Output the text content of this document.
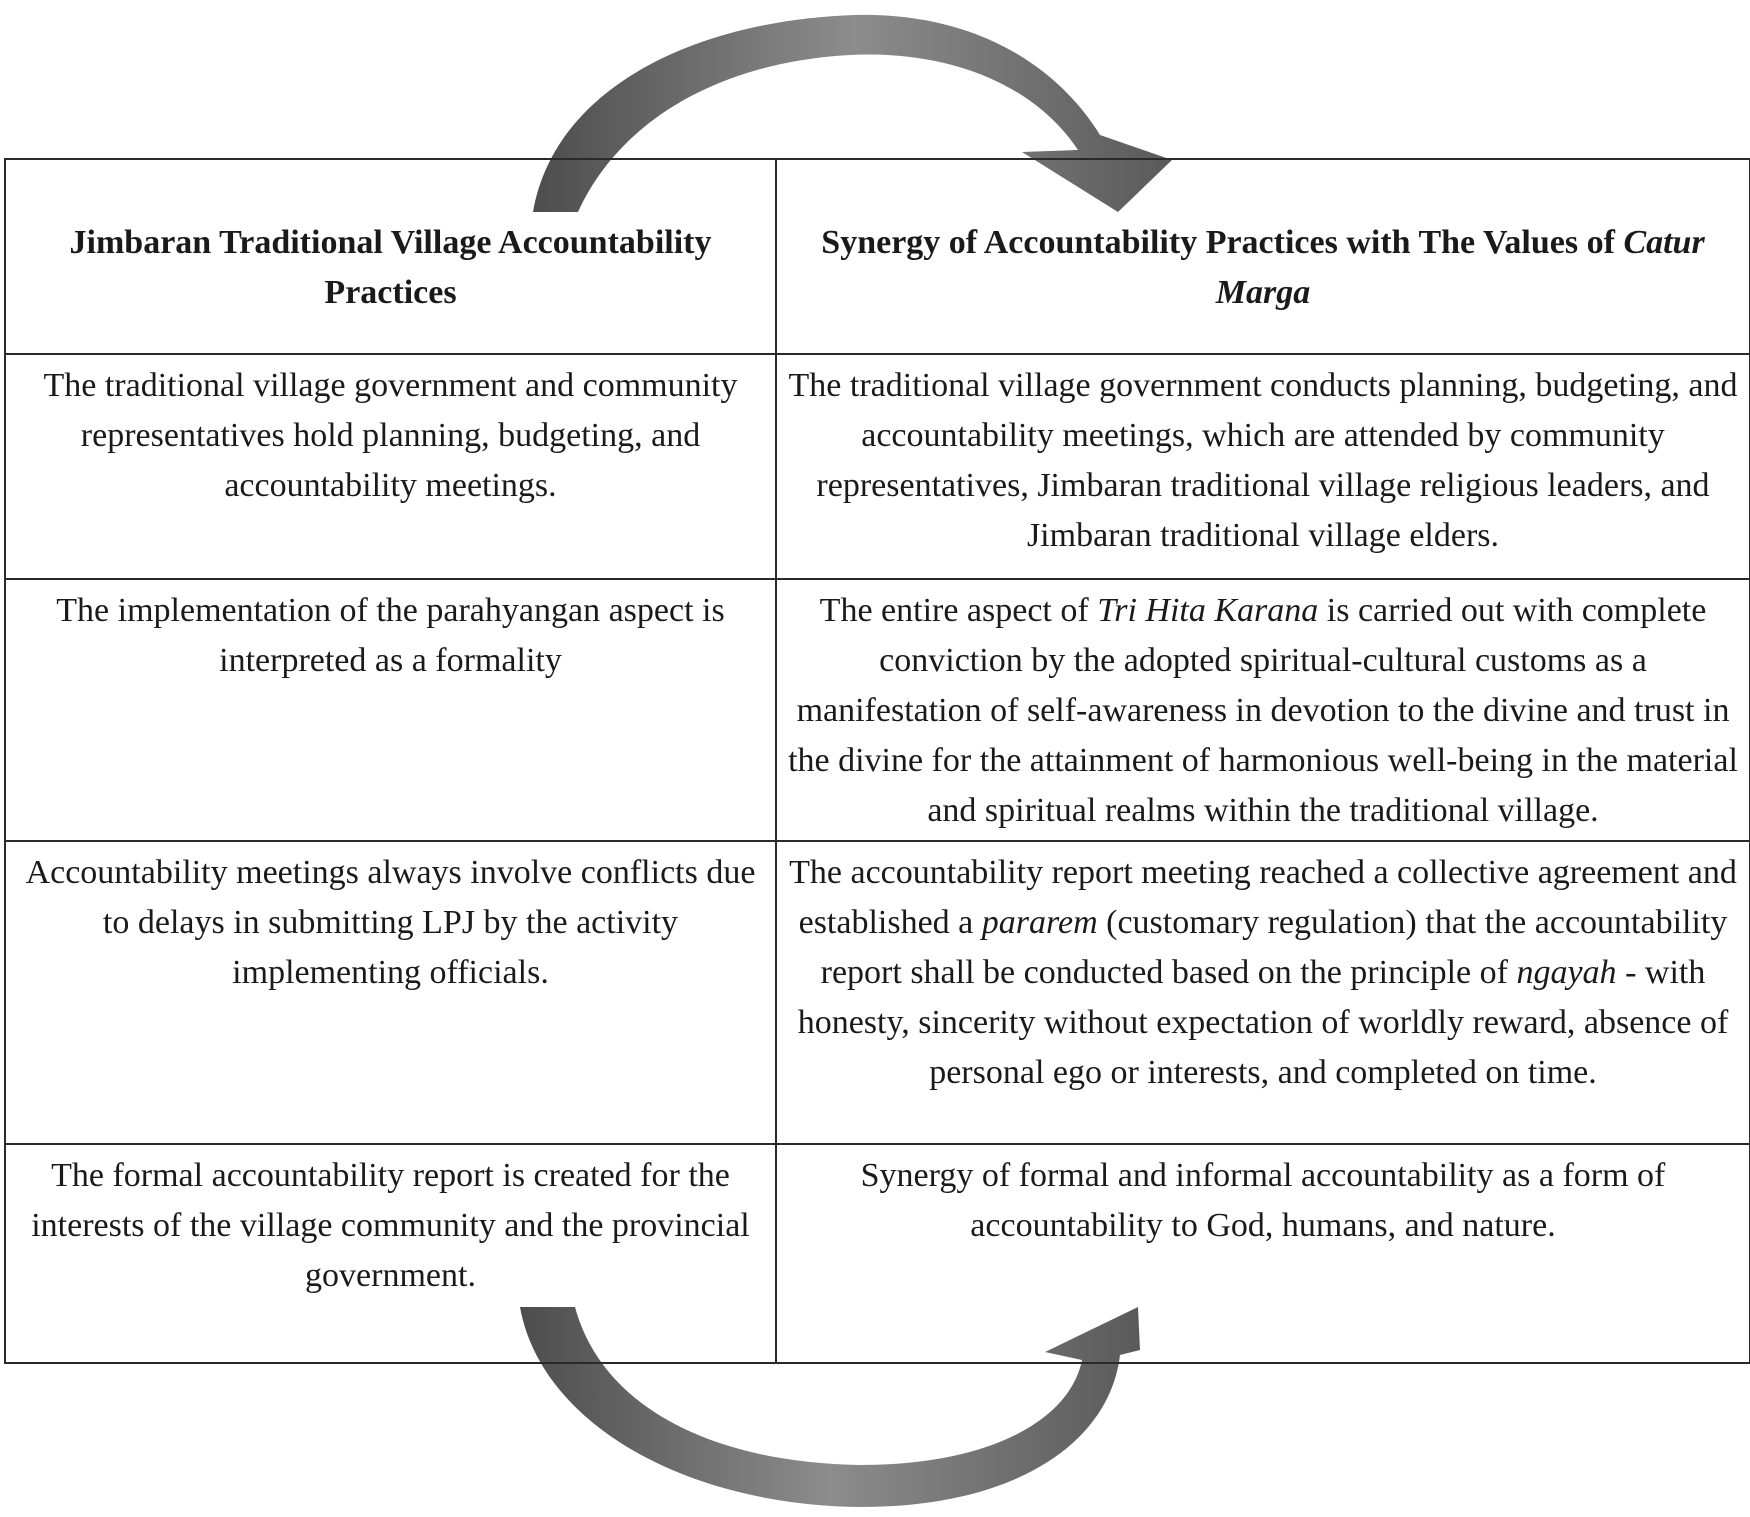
Jimbaran Traditional Village Accountability Practices	Synergy of Accountability Practices with The Values of Catur Marga
The traditional village government and community representatives hold planning, budgeting, and accountability meetings.	The traditional village government conducts planning, budgeting, and accountability meetings, which are attended by community representatives, Jimbaran traditional village religious leaders, and Jimbaran traditional village elders.
The implementation of the parahyangan aspect is interpreted as a formality	The entire aspect of Tri Hita Karana is carried out with complete conviction by the adopted spiritual-cultural customs as a manifestation of self-awareness in devotion to the divine and trust in the divine for the attainment of harmonious well-being in the material and spiritual realms within the traditional village.
Accountability meetings always involve conflicts due to delays in submitting LPJ by the activity implementing officials.	The accountability report meeting reached a collective agreement and established a pararem (customary regulation) that the accountability report shall be conducted based on the principle of ngayah - with honesty, sincerity without expectation of worldly reward, absence of personal ego or interests, and completed on time.
The formal accountability report is created for the interests of the village community and the provincial government.	Synergy of formal and informal accountability as a form of accountability to God, humans, and nature.
